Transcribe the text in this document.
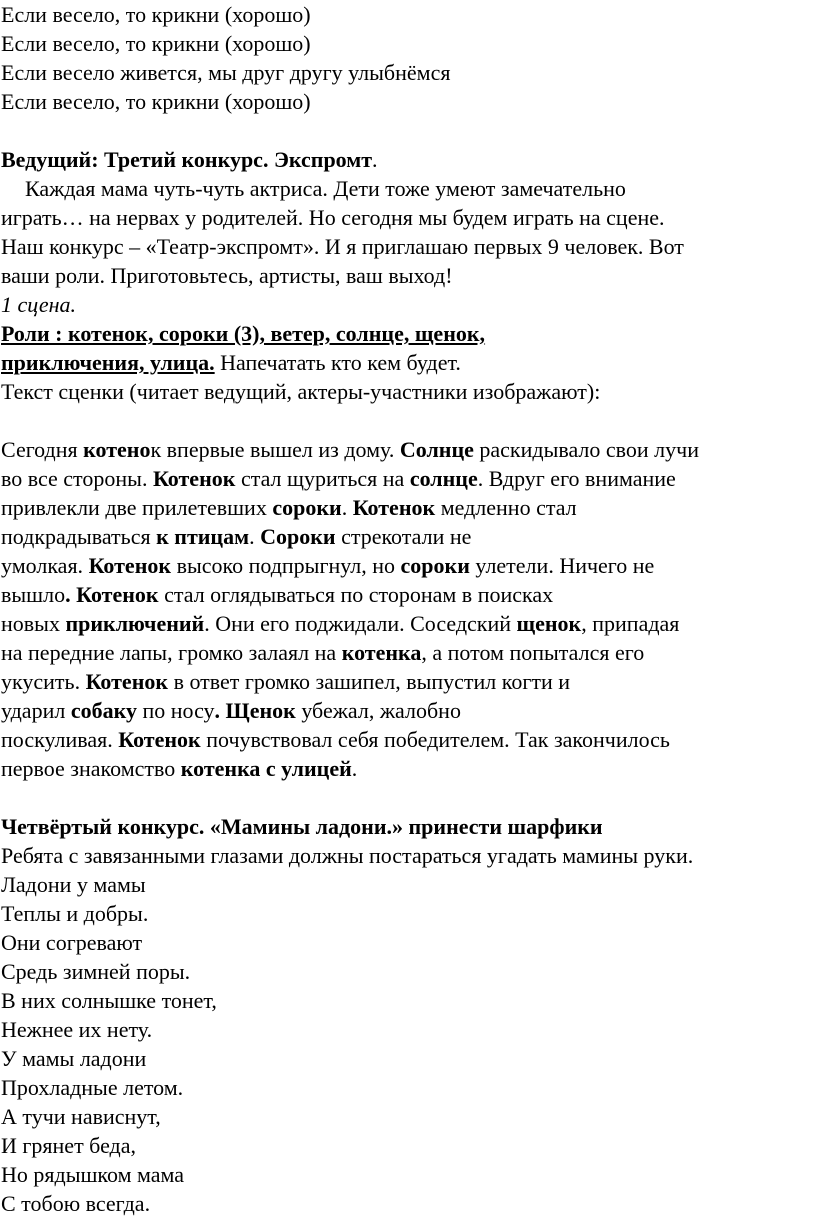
Если весело, то крикни (хорошо)
Если весело, то крикни (хорошо)
Если весело живется, мы друг другу улыбнёмся
Если весело, то крикни (хорошо)
Ведущий: Третий конкурс. Экспромт.
Каждая мама чуть-чуть актриса. Дети тоже умеют замечательно
играть… на нервах у родителей. Но сегодня мы будем играть на сцене.
Наш конкурс – «Театр-экспромт». И я приглашаю первых 9 человек. Вот
ваши роли. Приготовьтесь, артисты, ваш выход!
1 сцена.
Роли : котенок, сороки (3), ветер, солнце, щенок,
приключения, улица. Напечатать кто кем будет.
Текст сценки (читает ведущий, актеры-участники изображают):
Сегодня котенок впервые вышел из дому. Солнце раскидывало свои лучи
во все стороны. Котенок стал щуриться на солнце. Вдруг его внимание
привлекли две прилетевших сороки. Котенок медленно стал
подкрадываться к птицам. Сороки стрекотали не
умолкая. Котенок высоко подпрыгнул, но сороки улетели. Ничего не
вышло. Котенок стал оглядываться по сторонам в поисках
новых приключений. Они его поджидали. Соседский щенок, припадая
на передние лапы, громко залаял на котенка, а потом попытался его
укусить. Котенок в ответ громко зашипел, выпустил когти и
ударил собаку по носу. Щенок убежал, жалобно
поскуливая. Котенок почувствовал себя победителем. Так закончилось
первое знакомство котенка с улицей.
Четвёртый конкурс. «Мамины ладони.» принести шарфики
Ребята с завязанными глазами должны постараться угадать мамины руки.
Ладони у мамы
Теплы и добры.
Они согревают
Средь зимней поры.
В них солнышке тонет,
Нежнее их нету.
У мамы ладони
Прохладные летом.
А тучи нависнут,
И грянет беда,
Но рядышком мама
С тобою всегда.
